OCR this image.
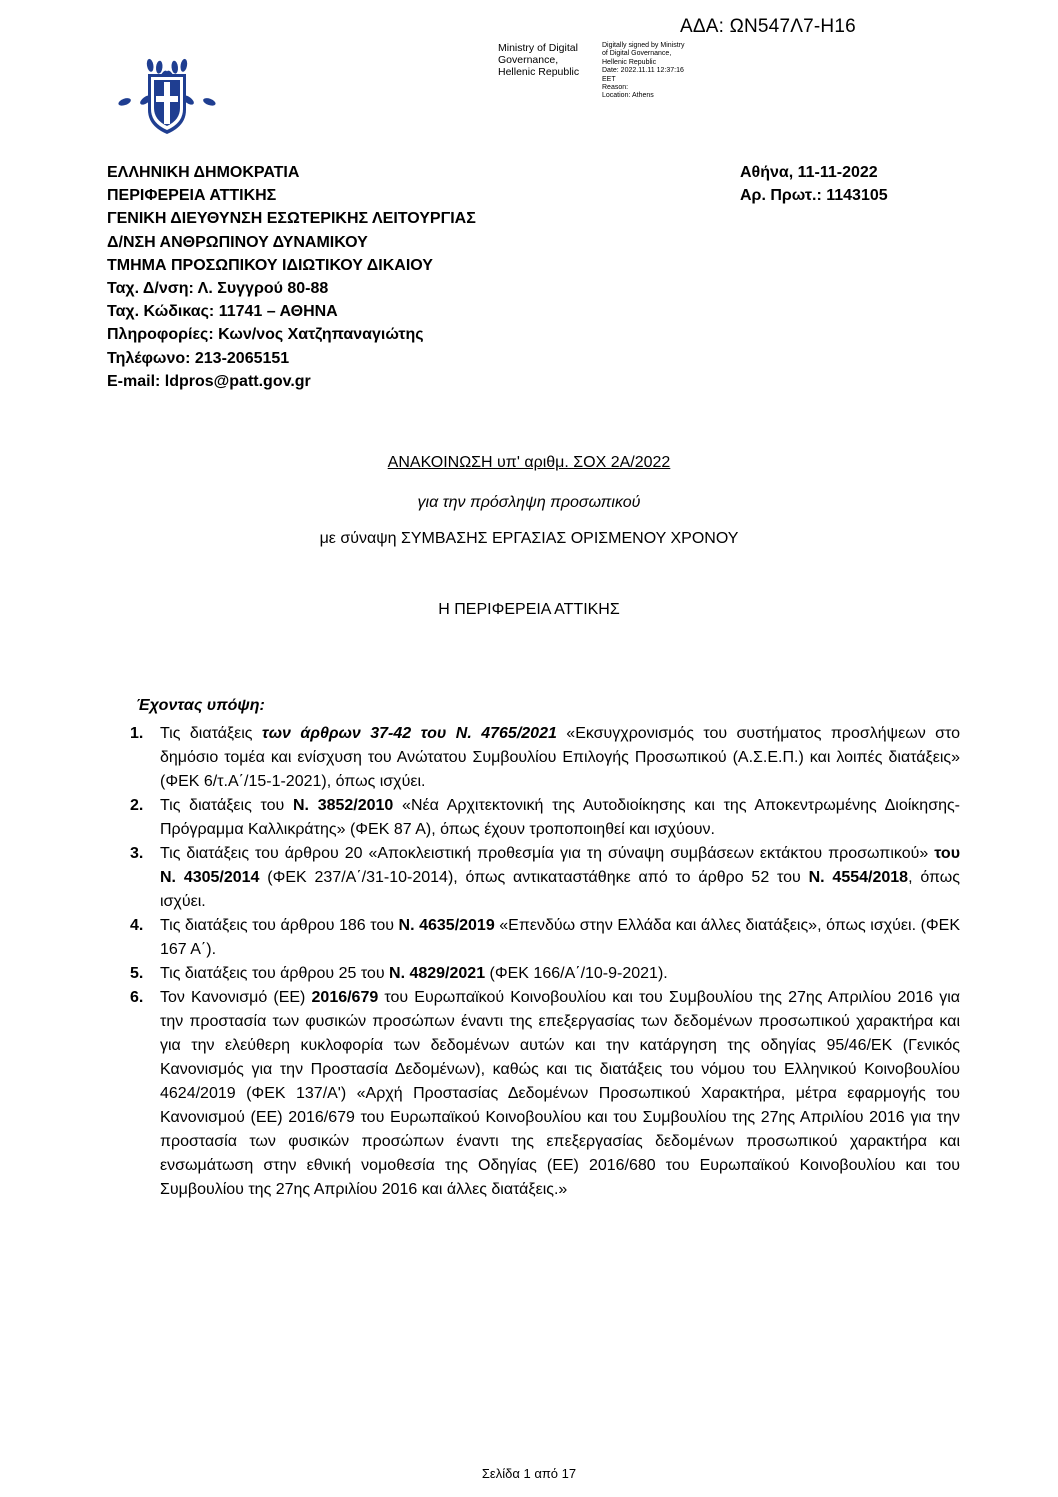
ΑΔΑ: ΩΝ547Λ7-Η16
Ministry of Digital
Governance,
Hellenic Republic
Digitally signed by Ministry
of Digital Governance,
Hellenic Republic
Date: 2022.11.11 12:37:16
EET
Reason:
Location: Athens
ΕΛΛΗΝΙΚΗ ΔΗΜΟΚΡΑΤΙΑ
ΠΕΡΙΦΕΡΕΙΑ ΑΤΤΙΚΗΣ
ΓΕΝΙΚΗ ΔΙΕΥΘΥΝΣΗ ΕΣΩΤΕΡΙΚΗΣ ΛΕΙΤΟΥΡΓΙΑΣ
Δ/ΝΣΗ ΑΝΘΡΩΠΙΝΟΥ ΔΥΝΑΜΙΚΟΥ
ΤΜΗΜΑ ΠΡΟΣΩΠΙΚΟΥ ΙΔΙΩΤΙΚΟΥ ΔΙΚΑΙΟΥ
Ταχ. Δ/νση: Λ. Συγγρού 80-88
Ταχ. Κώδικας: 11741 – ΑΘΗΝΑ
Πληροφορίες: Κων/νος Χατζηπαναγιώτης
Τηλέφωνο: 213-2065151
E-mail: ldpros@patt.gov.gr
Αθήνα, 11-11-2022
Αρ. Πρωτ.: 1143105
ΑΝΑΚΟΙΝΩΣΗ υπ' αριθμ. ΣΟΧ 2Α/2022
για την πρόσληψη προσωπικού
με σύναψη ΣΥΜΒΑΣΗΣ ΕΡΓΑΣΙΑΣ ΟΡΙΣΜΕΝΟΥ ΧΡΟΝΟΥ
Η ΠΕΡΙΦΕΡΕΙΑ ΑΤΤΙΚΗΣ
Έχοντας υπόψη:
1. Τις διατάξεις των άρθρων 37-42 του Ν. 4765/2021 «Εκσυγχρονισμός του συστήματος προσλήψεων στο δημόσιο τομέα και ενίσχυση του Ανώτατου Συμβουλίου Επιλογής Προσωπικού (Α.Σ.Ε.Π.) και λοιπές διατάξεις» (ΦΕΚ 6/τ.Α΄/15-1-2021), όπως ισχύει.

2. Τις διατάξεις του Ν. 3852/2010 «Νέα Αρχιτεκτονική της Αυτοδιοίκησης και της Αποκεντρωμένης Διοίκησης- Πρόγραμμα Καλλικράτης» (ΦΕΚ 87 Α), όπως έχουν τροποποιηθεί και ισχύουν.

3. Τις διατάξεις του άρθρου 20 «Αποκλειστική προθεσμία για τη σύναψη συμβάσεων εκτάκτου προσωπικού» του Ν. 4305/2014 (ΦΕΚ 237/Α΄/31-10-2014), όπως αντικαταστάθηκε από το άρθρο 52 του Ν. 4554/2018, όπως ισχύει.

4. Τις διατάξεις του άρθρου 186 του Ν. 4635/2019 «Επενδύω στην Ελλάδα και άλλες διατάξεις», όπως ισχύει. (ΦΕΚ 167 Α΄).

5. Τις διατάξεις του άρθρου 25 του Ν. 4829/2021 (ΦΕΚ 166/Α΄/10-9-2021).

6. Τον Κανονισμό (ΕΕ) 2016/679 του Ευρωπαϊκού Κοινοβουλίου και του Συμβουλίου της 27ης Απριλίου 2016 για την προστασία των φυσικών προσώπων έναντι της επεξεργασίας των δεδομένων προσωπικού χαρακτήρα και για την ελεύθερη κυκλοφορία των δεδομένων αυτών και την κατάργηση της οδηγίας 95/46/ΕΚ (Γενικός Κανονισμός για την Προστασία Δεδομένων), καθώς και τις διατάξεις του νόμου του Ελληνικού Κοινοβουλίου 4624/2019 (ΦΕΚ 137/Α') «Αρχή Προστασίας Δεδομένων Προσωπικού Χαρακτήρα, μέτρα εφαρμογής του Κανονισμού (ΕΕ) 2016/679 του Ευρωπαϊκού Κοινοβουλίου και του Συμβουλίου της 27ης Απριλίου 2016 για την προστασία των φυσικών προσώπων έναντι της επεξεργασίας δεδομένων προσωπικού χαρακτήρα και ενσωμάτωση στην εθνική νομοθεσία της Οδηγίας (ΕΕ) 2016/680 του Ευρωπαϊκού Κοινοβουλίου και του Συμβουλίου της 27ης Απριλίου 2016 και άλλες διατάξεις.»

Σελίδα 1 από 17
